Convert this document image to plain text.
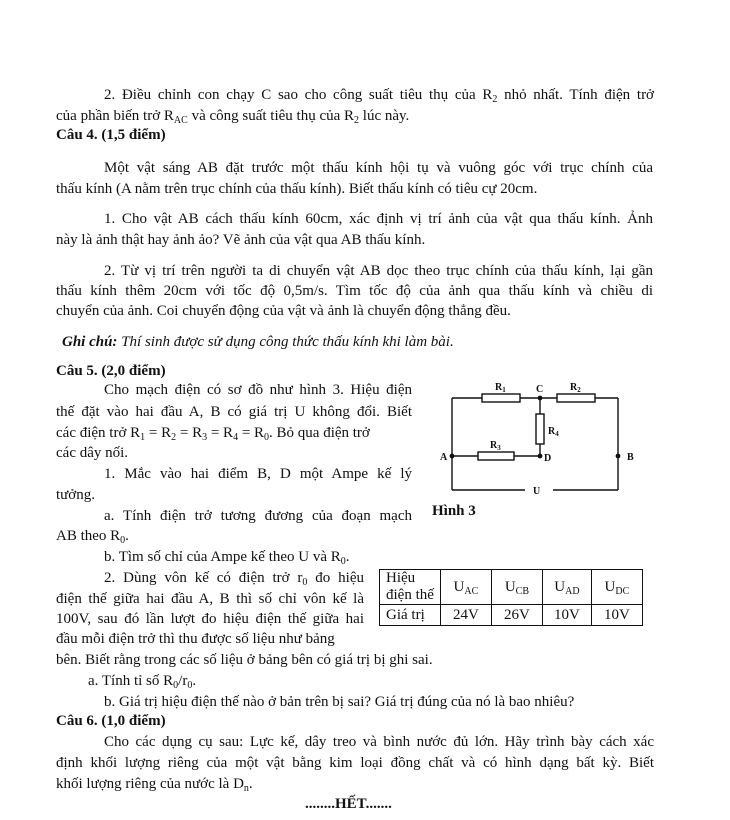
2. Điều chỉnh con chạy C sao cho công suất tiêu thụ của $R_2$ nhỏ nhất. Tính điện trở
của phần biến trở $R_{AC}$ và công suất tiêu thụ của $R_2$ lúc này.
Câu 4. (1,5 điểm)
Một vật sáng AB đặt trước một thấu kính hội tụ và vuông góc với trục chính của
thấu kính (A nằm trên trục chính của thấu kính). Biết thấu kính có tiêu cự 20cm.
1. Cho vật AB cách thấu kính 60cm, xác định vị trí ảnh của vật qua thấu kính. Ảnh
này là ảnh thật hay ảnh ảo? Vẽ ảnh của vật qua AB thấu kính.
2. Từ vị trí trên người ta di chuyển vật AB dọc theo trục chính của thấu kính, lại gần
thấu kính thêm 20cm với tốc độ 0,5m/s. Tìm tốc độ của ảnh qua thấu kính và chiều di
chuyển của ảnh. Coi chuyển động của vật và ảnh là chuyển động thẳng đều.
Ghi chú: Thí sinh được sử dụng công thức thấu kính khi làm bài.
Câu 5. (2,0 điểm)
Cho mạch điện có sơ đồ như hình 3. Hiệu điện
thế đặt vào hai đầu A, B có giá trị U không đổi. Biết
các điện trở $R_1 = R_2 = R_3 = R_4 = R_0$. Bỏ qua điện trở
các dây nối.
1. Mắc vào hai điểm B, D một Ampe kế lý
tưởng.
a. Tính điện trở tương đương của đoạn mạch
AB theo $R_0$.
b. Tìm số chỉ của Ampe kế theo U và $R_0$.
2. Dùng vôn kế có điện trở $r_0$ đo hiệu
điện thế giữa hai đầu A, B thì số chỉ vôn kế là
100V, sau đó lần lượt đo hiệu điện thế giữa hai
đầu mỗi điện trở thì thu được số liệu như bảng
bên. Biết rằng trong các số liệu ở bảng bên có giá trị bị ghi sai.
a. Tính tỉ số $R_0/r_0$.
b. Giá trị hiệu điện thế nào ở bản trên bị sai? Giá trị đúng của nó là bao nhiêu?
$R_1$	C	$R_2$
$R_4$
$R_3$
A	D	B
U
Hình 3
Hiệu
điện thế	$U_{AC}$	$U_{CB}$	$U_{AD}$	$U_{DC}$
Giá trị	24V	26V	10V	10V
Câu 6. (1,0 điểm)
Cho các dụng cụ sau: Lực kế, dây treo và bình nước đủ lớn. Hãy trình bày cách xác
định khối lượng riêng của một vật bằng kim loại đồng chất và có hình dạng bất kỳ. Biết
khối lượng riêng của nước là $D_n$.
........HẾT.......
